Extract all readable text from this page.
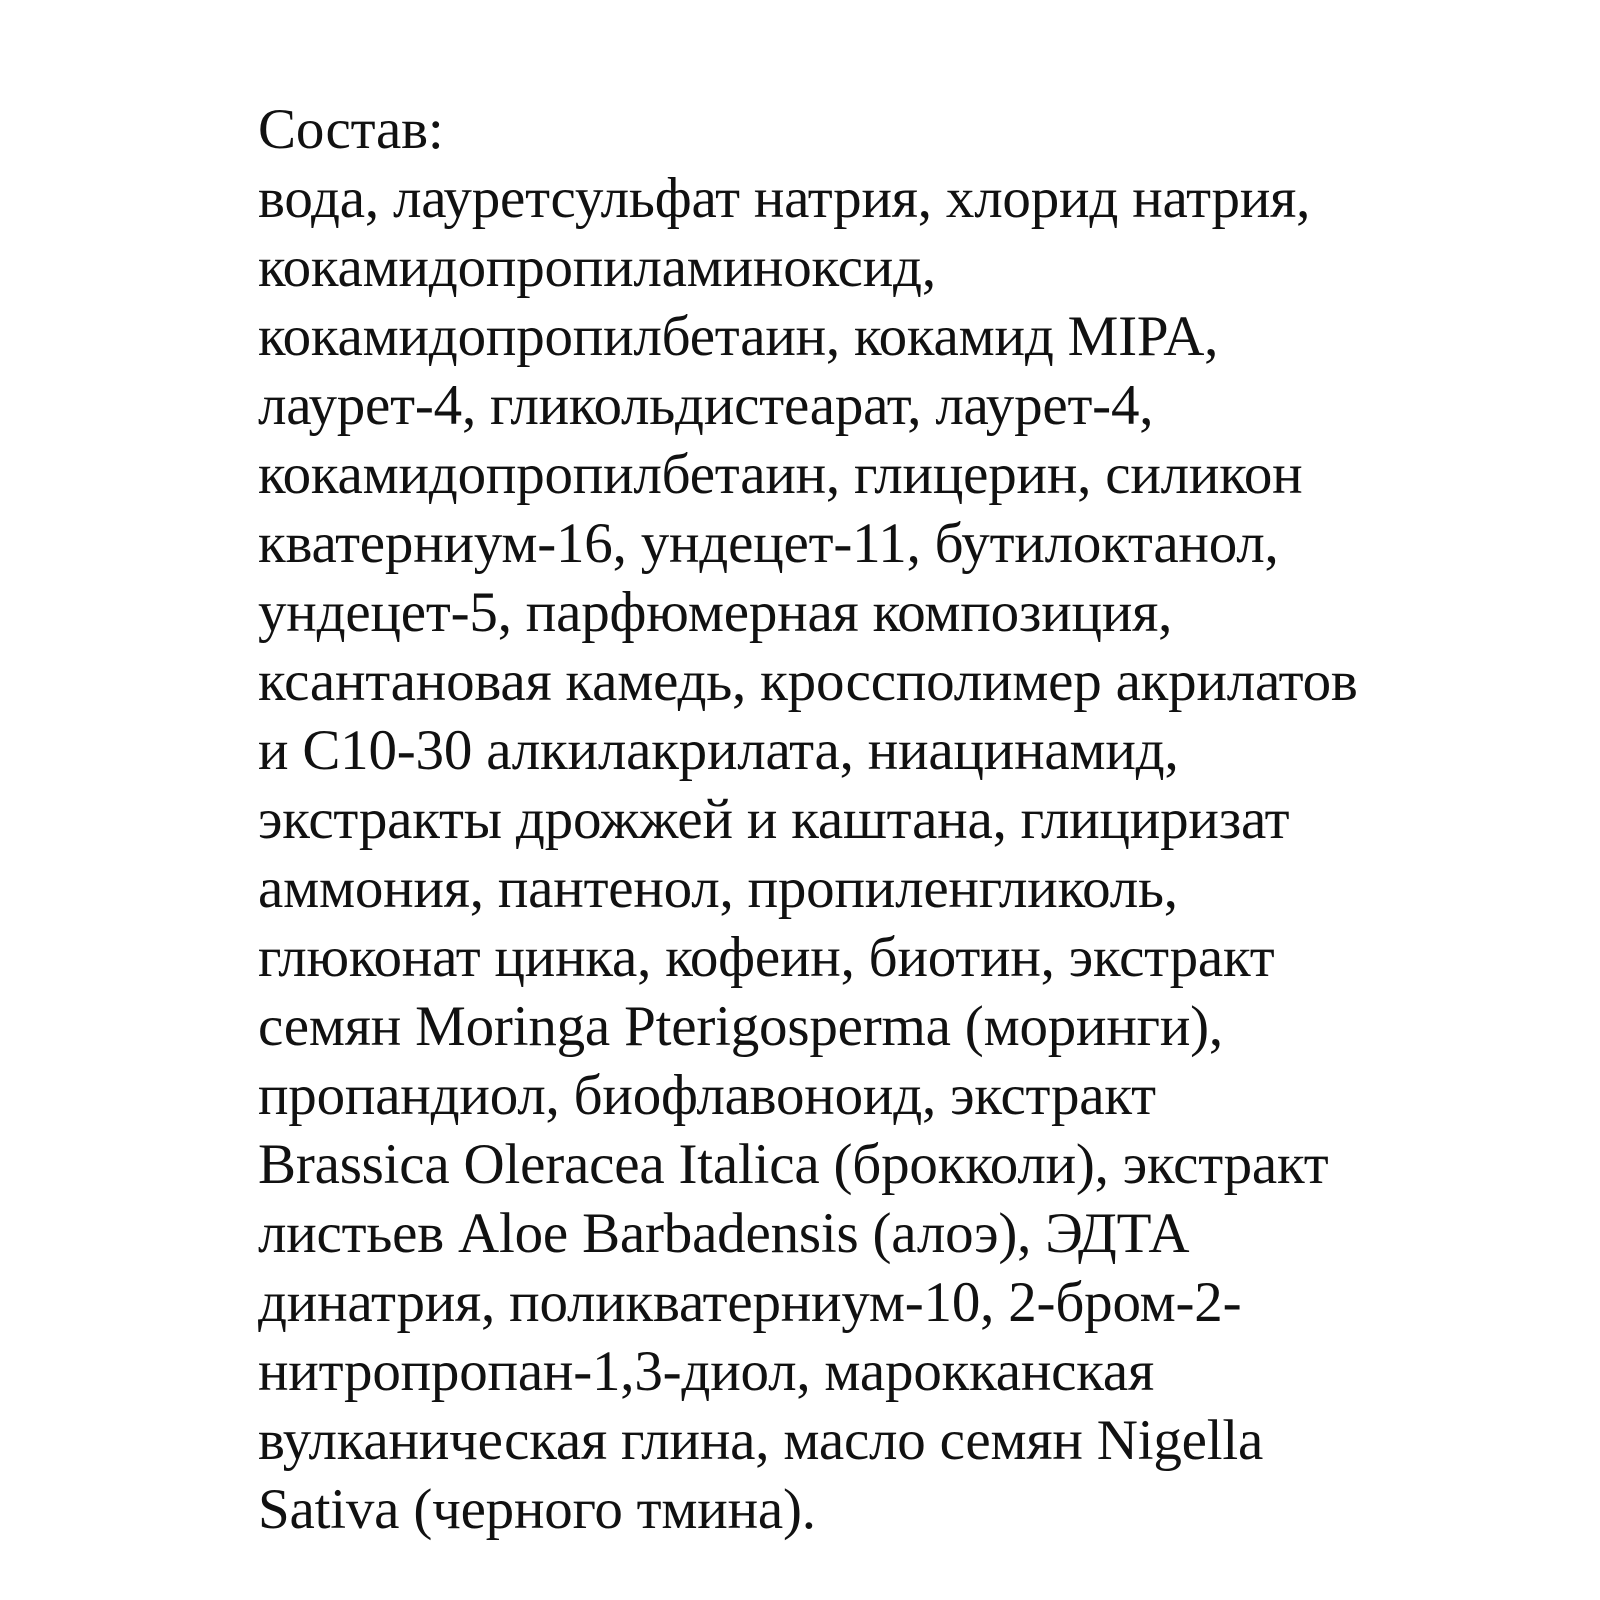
Состав:
вода, лауретсульфат натрия, хлорид натрия,
кокамидопропиламиноксид,
кокамидопропилбетаин, кокамид MIPA,
лаурет-4, гликольдистеарат, лаурет-4,
кокамидопропилбетаин, глицерин, силикон
кватерниум-16, ундецет-11, бутилоктанол,
ундецет-5, парфюмерная композиция,
ксантановая камедь, кроссполимер акрилатов
и С10-30 алкилакрилата, ниацинамид,
экстракты дрожжей и каштана, глициризат
аммония, пантенол, пропиленгликоль,
глюконат цинка, кофеин, биотин, экстракт
семян Moringa Pterigosperma (моринги),
пропандиол, биофлавоноид, экстракт
Brassica Oleracea Italica (брокколи), экстракт
листьев Aloe Barbadensis (алоэ), ЭДТА
динатрия, поликватерниум-10, 2-бром-2-
нитропропан-1,3-диол, марокканская
вулканическая глина, масло семян Nigella
Sativa (черного тмина).
